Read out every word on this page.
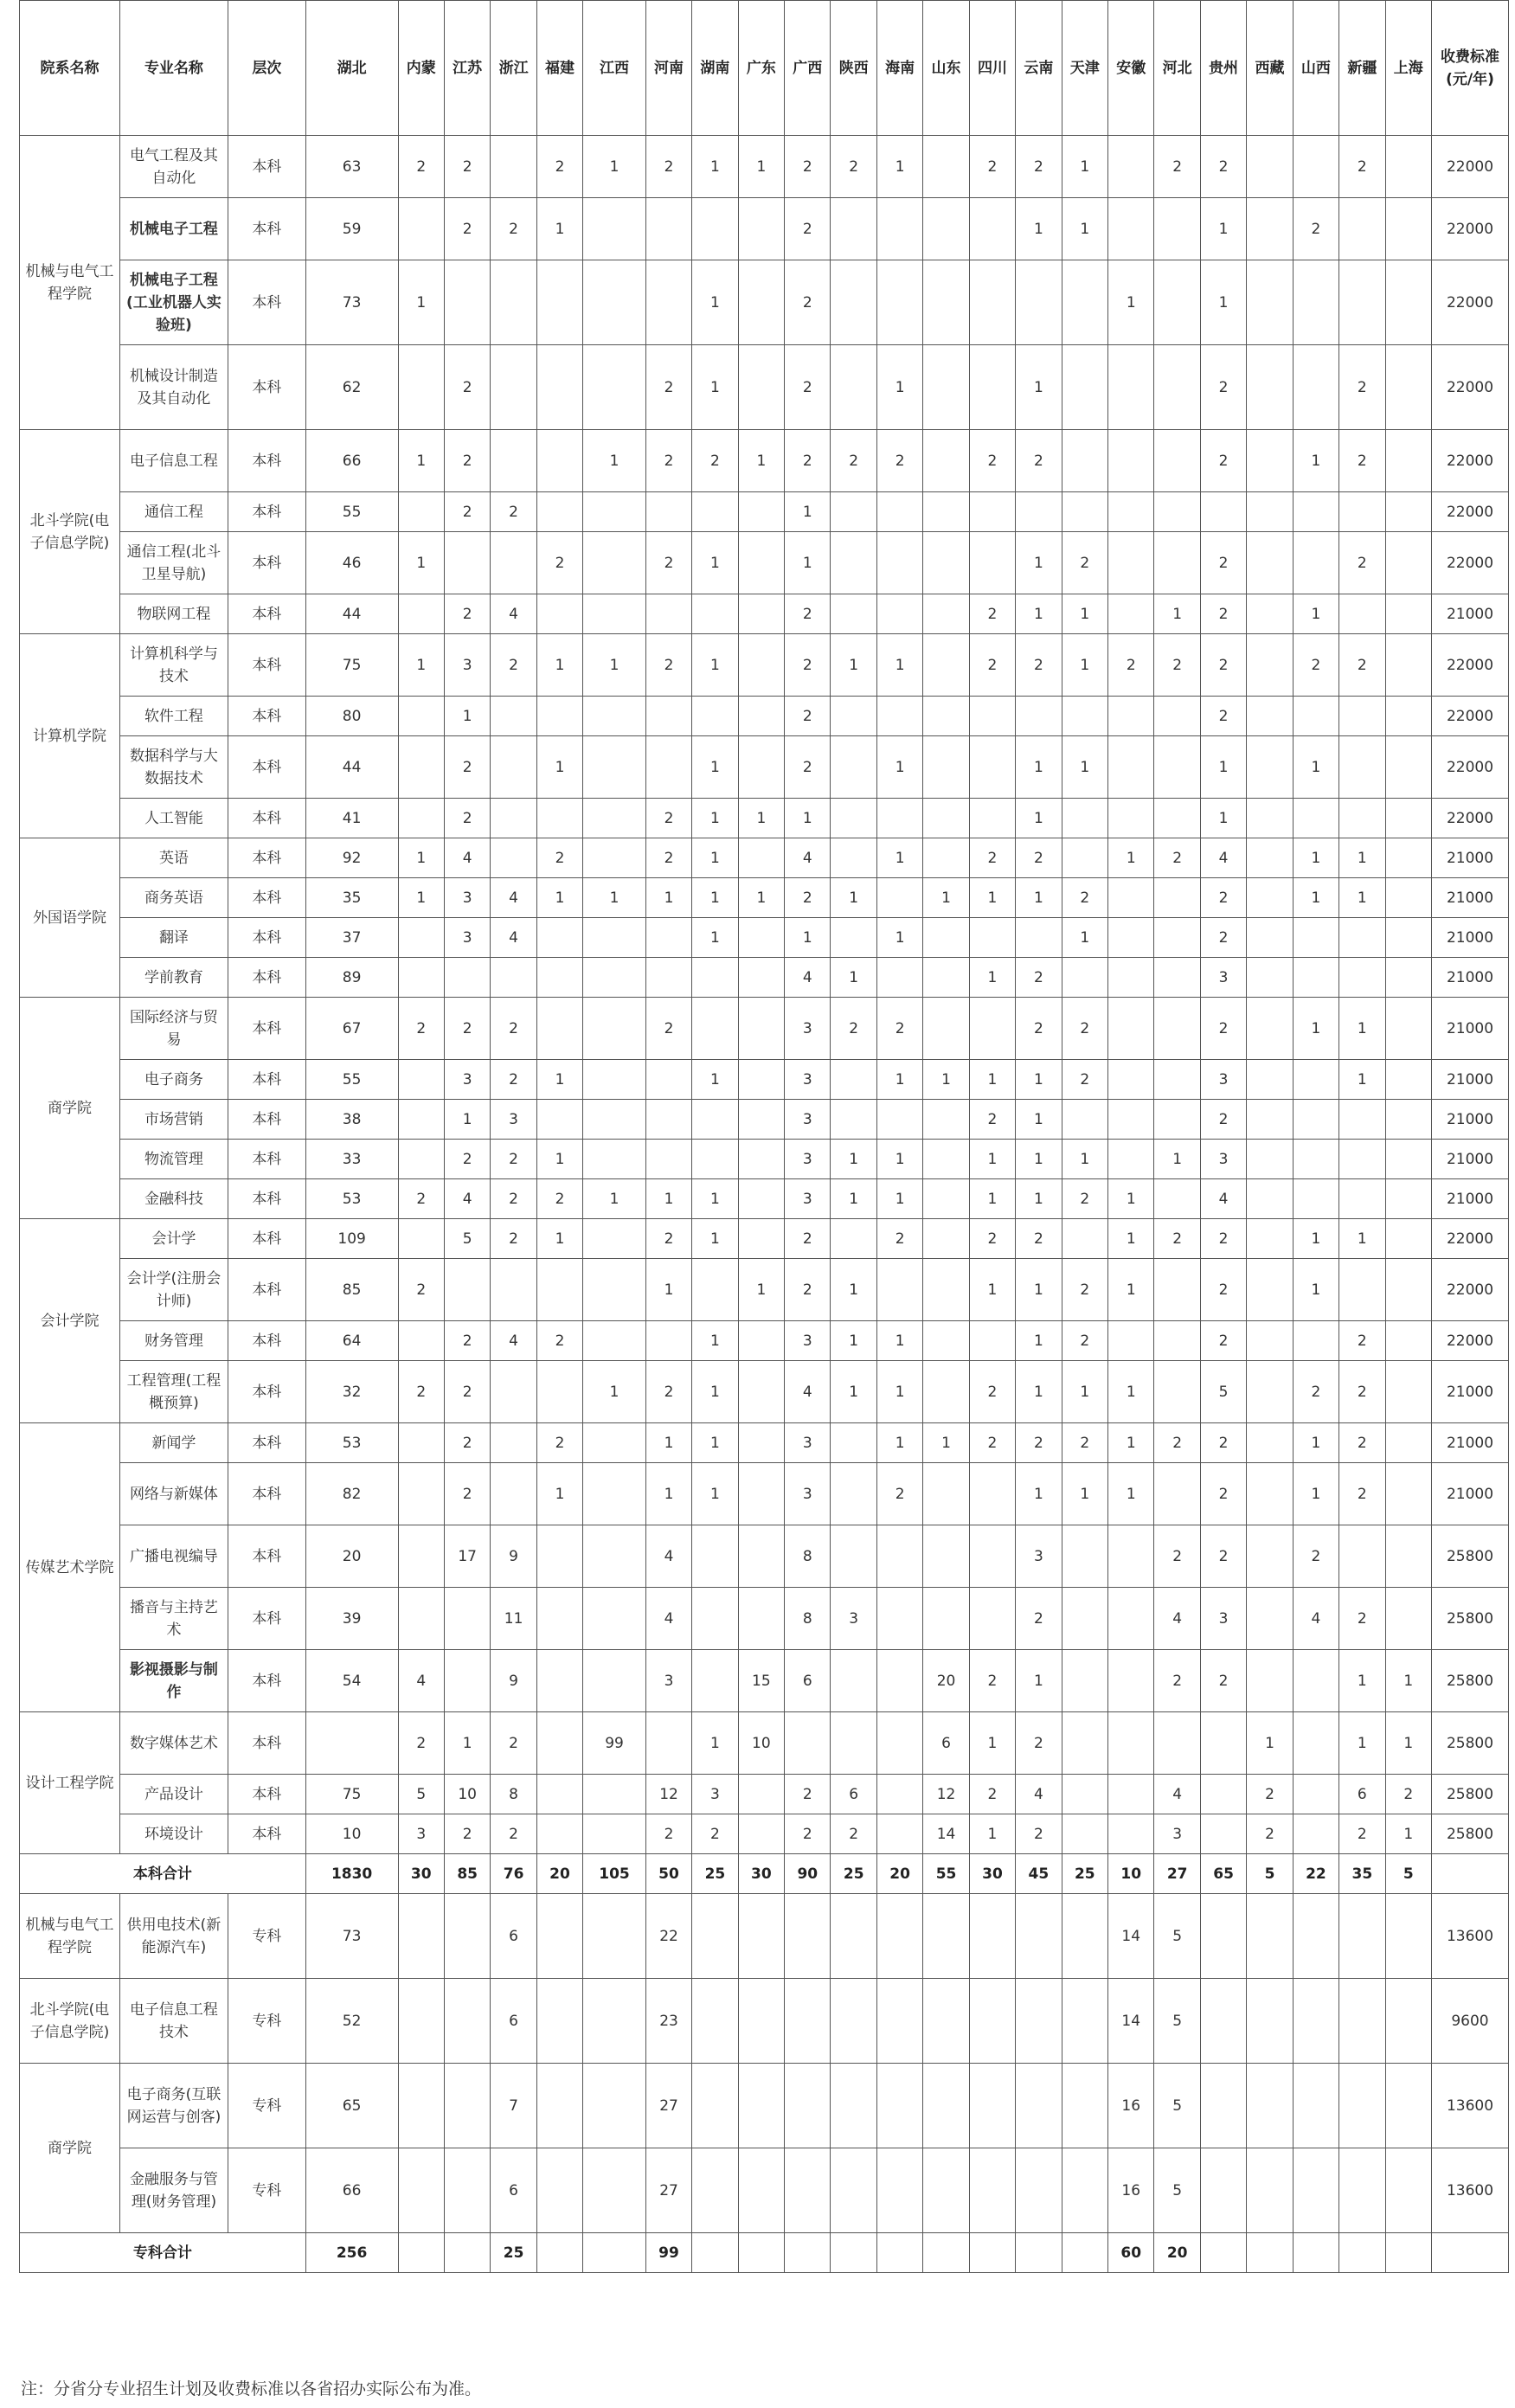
院系名称	专业名称	层次	湖北	内蒙	江苏	浙江	福建	江西	河南	湖南	广东	广西	陕西	海南	山东	四川	云南	天津	安徽	河北	贵州	西藏	山西	新疆	上海	收费标准(元/年)
机械与电气工程学院	电气工程及其自动化	本科	63	2	2		2	1	2	1	1	2	2	1		2	2	1		2	2			2		22000
	机械电子工程	本科	59		2	2	1					2					1	1			1		2			22000
	机械电子工程(工业机器人实验班)	本科	73	1						1		2							1		1					22000
	机械设计制造及其自动化	本科	62		2				2	1		2		1			1				2			2		22000
北斗学院(电子信息学院)	电子信息工程	本科	66	1	2			1	2	2	1	2	2	2		2	2				2		1	2		22000
	通信工程	本科	55		2	2						1														22000
	通信工程(北斗卫星导航)	本科	46	1			2		2	1		1					1	2			2			2		22000
	物联网工程	本科	44		2	4						2				2	1	1		1	2		1			21000
计算机学院	计算机科学与技术	本科	75	1	3	2	1	1	2	1		2	1	1		2	2	1	2	2	2		2	2		22000
	软件工程	本科	80		1							2									2					22000
	数据科学与大数据技术	本科	44		2		1			1		2		1			1	1			1		1			22000
	人工智能	本科	41		2				2	1	1	1					1				1					22000
外国语学院	英语	本科	92	1	4		2		2	1		4		1		2	2		1	2	4		1	1		21000
	商务英语	本科	35	1	3	4	1	1	1	1	1	2	1		1	1	1	2			2		1	1		21000
	翻译	本科	37		3	4				1		1		1				1			2					21000
	学前教育	本科	89									4	1			1	2				3					21000
商学院	国际经济与贸易	本科	67	2	2	2			2			3	2	2			2	2			2		1	1		21000
	电子商务	本科	55		3	2	1			1		3		1	1	1	1	2			3			1		21000
	市场营销	本科	38		1	3						3				2	1				2					21000
	物流管理	本科	33		2	2	1					3	1	1		1	1	1		1	3					21000
	金融科技	本科	53	2	4	2	2	1	1	1		3	1	1		1	1	2	1		4					21000
会计学院	会计学	本科	109		5	2	1		2	1		2		2		2	2		1	2	2		1	1		22000
	会计学(注册会计师)	本科	85	2					1		1	2	1			1	1	2	1		2		1			22000
	财务管理	本科	64		2	4	2			1		3	1	1			1	2			2			2		22000
	工程管理(工程概预算)	本科	32	2	2			1	2	1		4	1	1		2	1	1	1		5		2	2		21000
传媒艺术学院	新闻学	本科	53		2		2		1	1		3		1	1	2	2	2	1	2	2		1	2		21000
	网络与新媒体	本科	82		2		1		1	1		3		2			1	1	1		2		1	2		21000
	广播电视编导	本科	20		17	9			4			8					3			2	2		2			25800
	播音与主持艺术	本科	39			11			4			8	3				2			4	3		4	2		25800
	影视摄影与制作	本科	54	4		9			3		15	6			20	2	1			2	2			1	1	25800
设计工程学院	数字媒体艺术	本科		2	1	2		99		1	10				6	1	2					1		1	1	25800
	产品设计	本科	75	5	10	8			12	3		2	6		12	2	4			4		2		6	2	25800
	环境设计	本科	10	3	2	2			2	2		2	2		14	1	2			3		2		2	1	25800
本科合计			1830	30	85	76	20	105	50	25	30	90	25	20	55	30	45	25	10	27	65	5	22	35	5	
机械与电气工程学院	供用电技术(新能源汽车)	专科	73			6			22										14	5						13600
北斗学院(电子信息学院)	电子信息工程技术	专科	52			6			23										14	5						9600
商学院	电子商务(互联网运营与创客)	专科	65			7			27										16	5						13600
	金融服务与管理(财务管理)	专科	66			6			27										16	5						13600
专科合计			256			25			99										60	20						
注：分省分专业招生计划及收费标准以各省招办实际公布为准。
